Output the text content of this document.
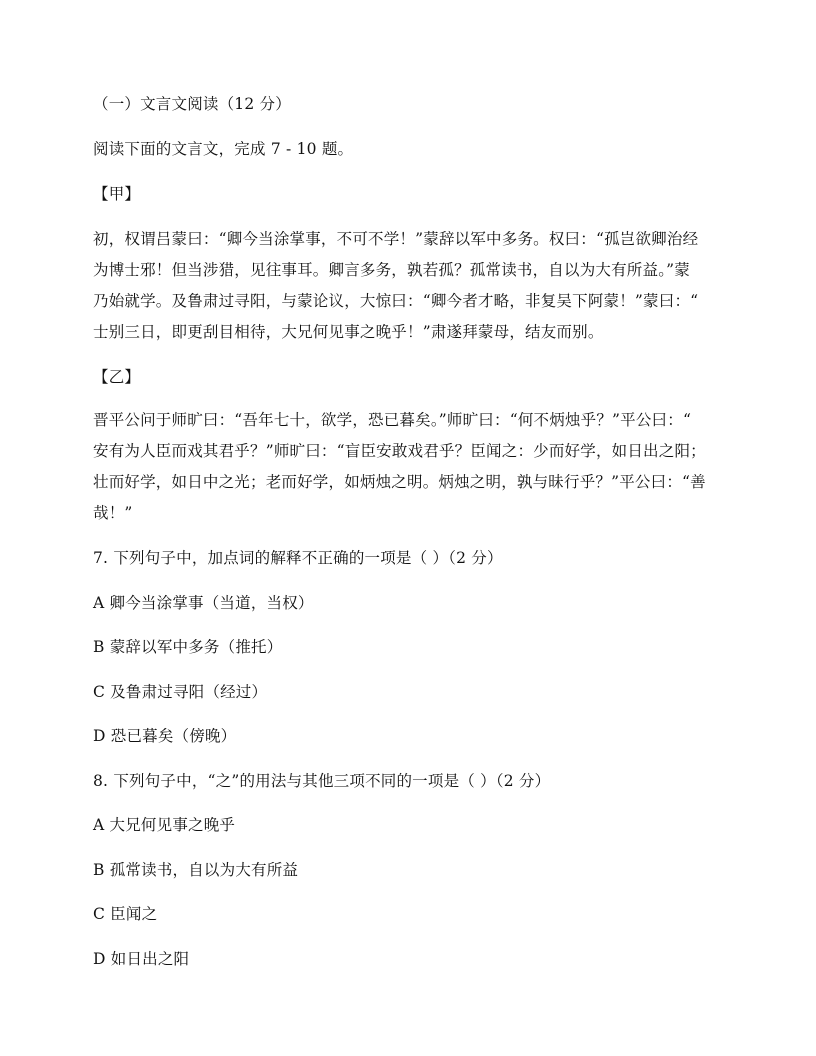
（一）文言文阅读（12 分）
阅读下面的文言文，完成 7 - 10 题。
【甲】
初，权谓吕蒙曰：“卿今当涂掌事，不可不学！”蒙辞以军中多务。权曰：“孤岂欲卿治经
为博士邪！但当涉猎，见往事耳。卿言多务，孰若孤？孤常读书，自以为大有所益。”蒙
乃始就学。及鲁肃过寻阳，与蒙论议，大惊曰：“卿今者才略，非复吴下阿蒙！”蒙曰：“
士别三日，即更刮目相待，大兄何见事之晚乎！”肃遂拜蒙母，结友而别。
【乙】
晋平公问于师旷曰：“吾年七十，欲学，恐已暮矣。”师旷曰：“何不炳烛乎？”平公曰：“
安有为人臣而戏其君乎？”师旷曰：“盲臣安敢戏君乎？臣闻之：少而好学，如日出之阳；
壮而好学，如日中之光；老而好学，如炳烛之明。炳烛之明，孰与昧行乎？”平公曰：“善
哉！”
7. 下列句子中，加点词的解释不正确的一项是（ ）（2 分）
A 卿今当涂掌事（当道，当权）
B 蒙辞以军中多务（推托）
C 及鲁肃过寻阳（经过）
D 恐已暮矣（傍晚）
8. 下列句子中，“之”的用法与其他三项不同的一项是（ ）（2 分）
A 大兄何见事之晚乎
B 孤常读书，自以为大有所益
C 臣闻之
D 如日出之阳
